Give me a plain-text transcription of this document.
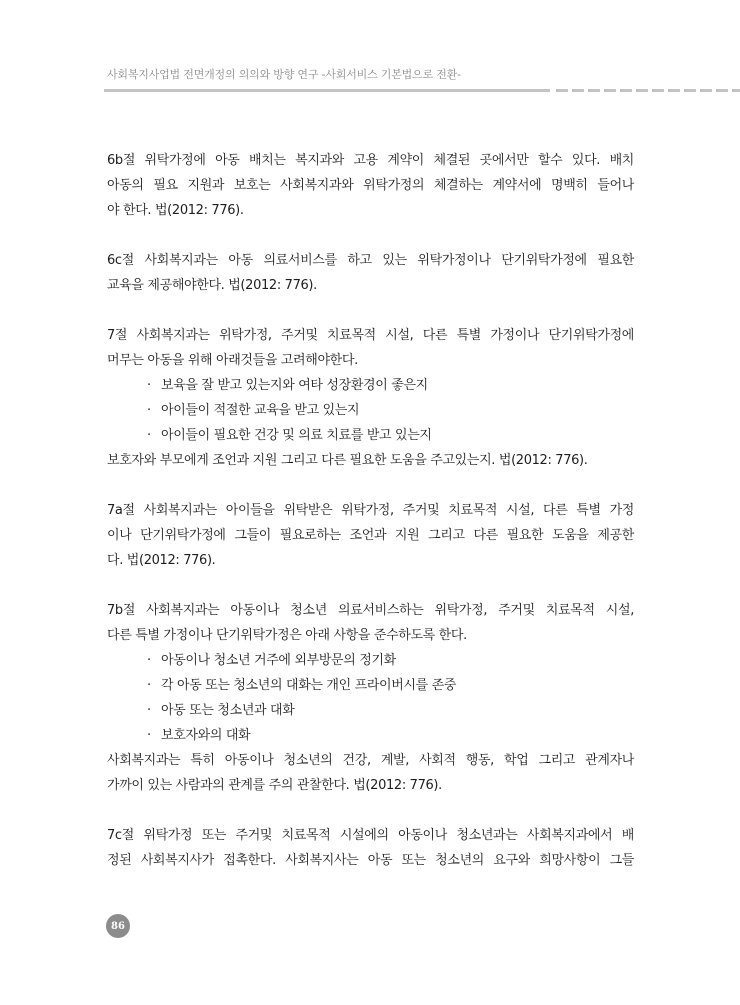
사회복지사업법 전면개정의 의의와 방향 연구 -사회서비스 기본법으로 전환-

6b절 위탁가정에 아동 배치는 복지과와 고용 계약이 체결된 곳에서만 할수 있다. 배치
아동의 필요 지원과 보호는 사회복지과와 위탁가정의 체결하는 계약서에 명백히 들어나
야 한다. 법(2012: 776).

6c절 사회복지과는 아동 의료서비스를 하고 있는 위탁가정이나 단기위탁가정에 필요한
교육을 제공해야한다. 법(2012: 776).

7절 사회복지과는 위탁가정, 주거및 치료목적 시설, 다른 특별 가정이나 단기위탁가정에
머무는 아동을 위해 아래것들을 고려해야한다.
· 보육을 잘 받고 있는지와 여타 성장환경이 좋은지
· 아이들이 적절한 교육을 받고 있는지
· 아이들이 필요한 건강 및 의료 치료를 받고 있는지
보호자와 부모에게 조언과 지원 그리고 다른 필요한 도움을 주고있는지. 법(2012: 776).

7a절 사회복지과는 아이들을 위탁받은 위탁가정, 주거및 치료목적 시설, 다른 특별 가정
이나 단기위탁가정에 그들이 필요로하는 조언과 지원 그리고 다른 필요한 도움을 제공한
다. 법(2012: 776).

7b절 사회복지과는 아동이나 청소년 의료서비스하는 위탁가정, 주거및 치료목적 시설,
다른 특별 가정이나 단기위탁가정은 아래 사항을 준수하도록 한다.
· 아동이나 청소년 거주에 외부방문의 정기화
· 각 아동 또는 청소년의 대화는 개인 프라이버시를 존중
· 아동 또는 청소년과 대화
· 보호자와의 대화
사회복지과는 특히 아동이나 청소년의 건강, 계발, 사회적 행동, 학업 그리고 관계자나
가까이 있는 사람과의 관계를 주의 관찰한다. 법(2012: 776).

7c절 위탁가정 또는 주거및 치료목적 시설에의 아동이나 청소년과는 사회복지과에서 배
정된 사회복지사가 접촉한다. 사회복지사는 아동 또는 청소년의 요구와 희망사항이 그들

86
